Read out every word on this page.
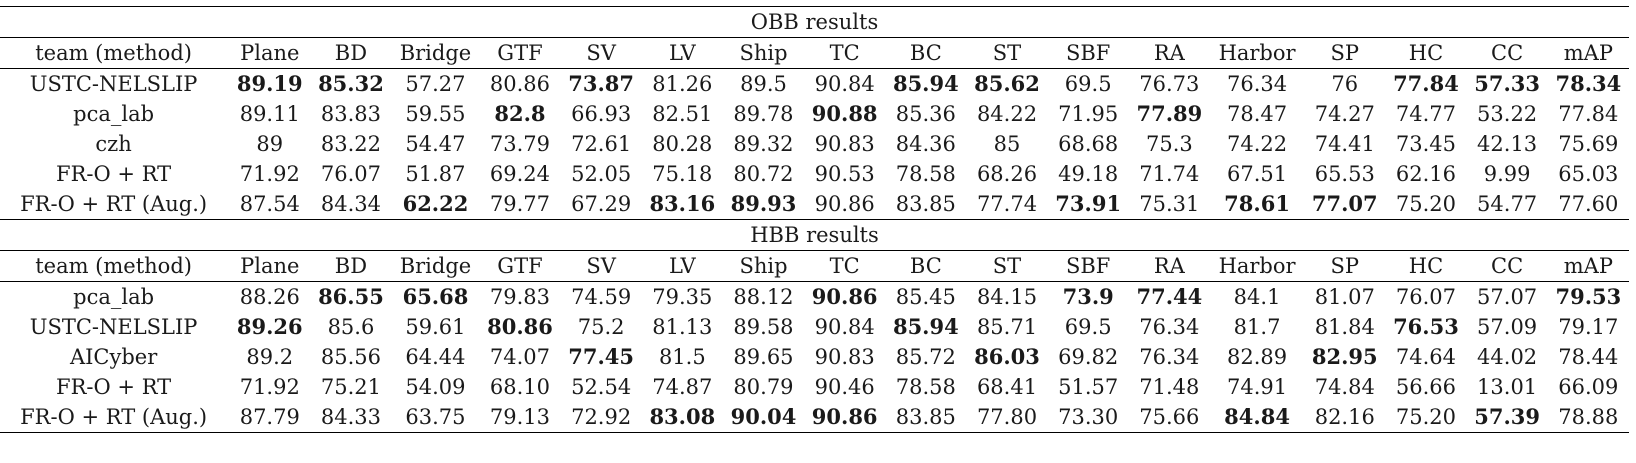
OBB results																	
team (method)	Plane	BD	Bridge	GTF	SV	LV	Ship	TC	BC	ST	SBF	RA	Harbor	SP	HC	CC	mAP
USTC-NELSLIP	89.19	85.32	57.27	80.86	73.87	81.26	89.5	90.84	85.94	85.62	69.5	76.73	76.34	76	77.84	57.33	78.34
pca_lab	89.11	83.83	59.55	82.8	66.93	82.51	89.78	90.88	85.36	84.22	71.95	77.89	78.47	74.27	74.77	53.22	77.84
czh	89	83.22	54.47	73.79	72.61	80.28	89.32	90.83	84.36	85	68.68	75.3	74.22	74.41	73.45	42.13	75.69
FR-O + RT	71.92	76.07	51.87	69.24	52.05	75.18	80.72	90.53	78.58	68.26	49.18	71.74	67.51	65.53	62.16	9.99	65.03
FR-O + RT (Aug.)	87.54	84.34	62.22	79.77	67.29	83.16	89.93	90.86	83.85	77.74	73.91	75.31	78.61	77.07	75.20	54.77	77.60
HBB results																	
team (method)	Plane	BD	Bridge	GTF	SV	LV	Ship	TC	BC	ST	SBF	RA	Harbor	SP	HC	CC	mAP
pca_lab	88.26	86.55	65.68	79.83	74.59	79.35	88.12	90.86	85.45	84.15	73.9	77.44	84.1	81.07	76.07	57.07	79.53
USTC-NELSLIP	89.26	85.6	59.61	80.86	75.2	81.13	89.58	90.84	85.94	85.71	69.5	76.34	81.7	81.84	76.53	57.09	79.17
AICyber	89.2	85.56	64.44	74.07	77.45	81.5	89.65	90.83	85.72	86.03	69.82	76.34	82.89	82.95	74.64	44.02	78.44
FR-O + RT	71.92	75.21	54.09	68.10	52.54	74.87	80.79	90.46	78.58	68.41	51.57	71.48	74.91	74.84	56.66	13.01	66.09
FR-O + RT (Aug.)	87.79	84.33	63.75	79.13	72.92	83.08	90.04	90.86	83.85	77.80	73.30	75.66	84.84	82.16	75.20	57.39	78.88
